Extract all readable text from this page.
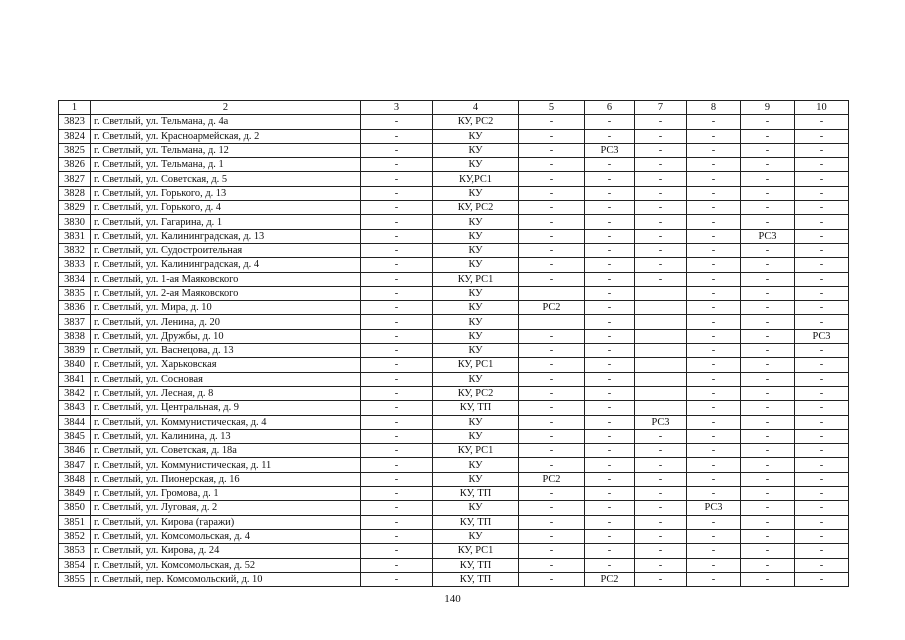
1	2	3	4	5	6	7	8	9	10
3823	г. Светлый, ул. Тельмана, д. 4а	-	КУ, РС2	-	-	-	-	-	-
3824	г. Светлый, ул. Красноармейская, д. 2	-	КУ	-	-	-	-	-	-
3825	г. Светлый, ул. Тельмана, д. 12	-	КУ	-	РС3	-	-	-	-
3826	г. Светлый, ул. Тельмана, д. 1	-	КУ	-	-	-	-	-	-
3827	г. Светлый, ул. Советская, д. 5	-	КУ,РС1	-	-	-	-	-	-
3828	г. Светлый, ул. Горького, д. 13	-	КУ	-	-	-	-	-	-
3829	г. Светлый, ул. Горького, д. 4	-	КУ, РС2	-	-	-	-	-	-
3830	г. Светлый, ул. Гагарина, д. 1	-	КУ	-	-	-	-	-	-
3831	г. Светлый, ул. Калининградская, д. 13	-	КУ	-	-	-	-	РС3	-
3832	г. Светлый, ул. Судостроительная	-	КУ	-	-	-	-	-	-
3833	г. Светлый, ул. Калининградская, д. 4	-	КУ	-	-	-	-	-	-
3834	г. Светлый, ул. 1-ая Маяковского	-	КУ, РС1	-	-	-	-	-	-
3835	г. Светлый, ул. 2-ая Маяковского	-	КУ		-		-	-	-
3836	г. Светлый, ул. Мира, д. 10	-	КУ	РС2	-		-	-	-
3837	г. Светлый, ул. Ленина, д. 20	-	КУ		-		-	-	-
3838	г. Светлый, ул. Дружбы, д. 10	-	КУ	-	-		-	-	РС3
3839	г. Светлый, ул. Васнецова, д. 13	-	КУ	-	-		-	-	-
3840	г. Светлый, ул. Харьковская	-	КУ, РС1	-	-		-	-	-
3841	г. Светлый, ул. Сосновая	-	КУ	-	-		-	-	-
3842	г. Светлый, ул. Лесная, д. 8	-	КУ, РС2	-	-		-	-	-
3843	г. Светлый, ул. Центральная, д. 9	-	КУ, ТП	-	-		-	-	-
3844	г. Светлый, ул. Коммунистическая, д. 4	-	КУ	-	-	РС3	-	-	-
3845	г. Светлый, ул. Калинина, д. 13	-	КУ	-	-	-	-	-	-
3846	г. Светлый, ул. Советская, д. 18а	-	КУ, РС1	-	-	-	-	-	-
3847	г. Светлый, ул. Коммунистическая, д. 11	-	КУ	-	-	-	-	-	-
3848	г. Светлый, ул. Пионерская, д. 16	-	КУ	РС2	-	-	-	-	-
3849	г. Светлый, ул. Громова, д. 1	-	КУ, ТП	-	-	-	-	-	-
3850	г. Светлый, ул. Луговая, д. 2	-	КУ	-	-	-	РС3	-	-
3851	г. Светлый, ул. Кирова (гаражи)	-	КУ, ТП	-	-	-	-	-	-
3852	г. Светлый, ул. Комсомольская, д. 4	-	КУ	-	-	-	-	-	-
3853	г. Светлый, ул. Кирова, д. 24	-	КУ, РС1	-	-	-	-	-	-
3854	г. Светлый, ул. Комсомольская, д. 52	-	КУ, ТП	-	-	-	-	-	-
3855	г. Светлый, пер. Комсомольский, д. 10	-	КУ, ТП	-	РС2	-	-	-	-
140
